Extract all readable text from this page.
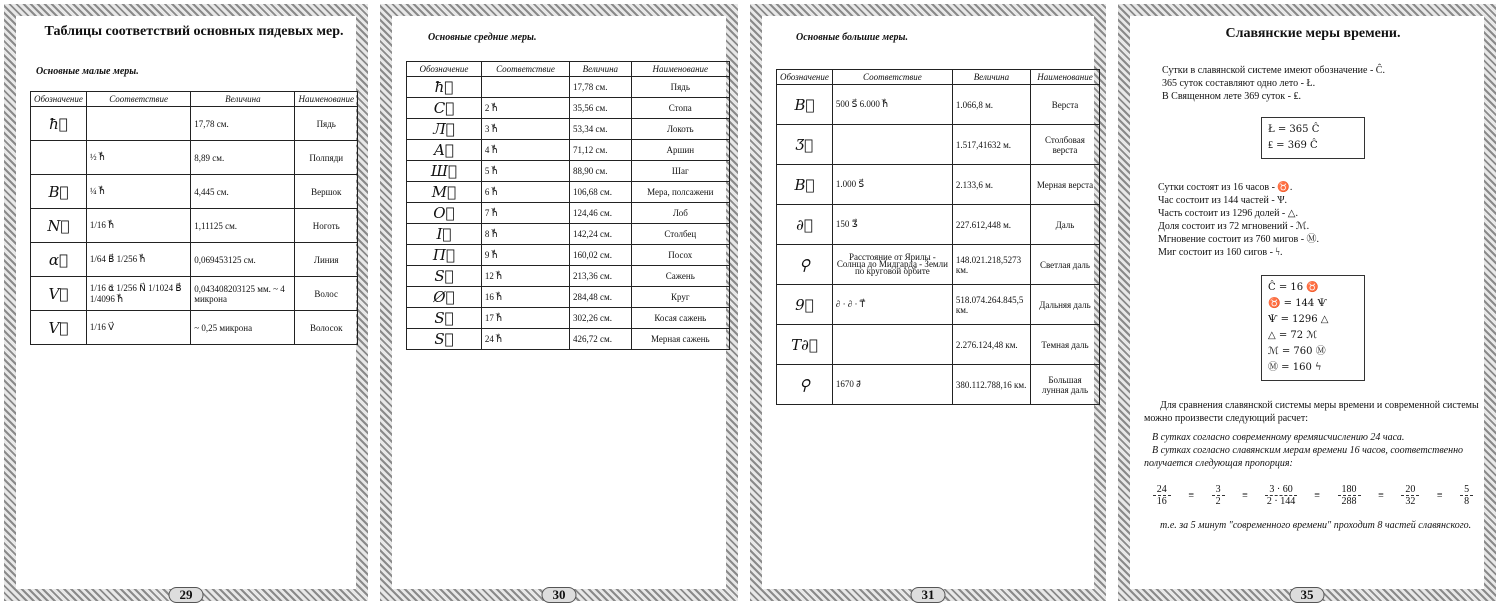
Таблицы соответствий основных пядевых мер.

Основные малые меры.

Обозначение	Соответствие	Величина	Наименование
ħ⃗		17,78 см.	Пядь
	½ ħ⃗	8,89 см.	Полпяди
B⃗	¼ ħ⃗	4,445 см.	Вершок
N⃗	1/16 ħ⃗	1,11125 см.	Ноготь
α⃗	1/64 B⃗ 1/256 ħ⃗	0,069453125 см.	Линия
V⃗	1/16 α⃗ 1/256 N⃗ 1/1024 B⃗ 1/4096 ħ⃗	0,043408203125 мм. ~ 4 микрона	Волос
V⃗	1/16 V⃗	~ 0,25 микрона	Волосок
29

Основные средние меры.

Обозначение	Соответствие	Величина	Наименование
ħ⃗		17,78 см.	Пядь
C⃗	2 ħ⃗	35,56 см.	Стопа
Л⃗	3 ħ⃗	53,34 см.	Локоть
A⃗	4 ħ⃗	71,12 см.	Аршин
Ш⃗	5 ħ⃗	88,90 см.	Шаг
M⃗	6 ħ⃗	106,68 см.	Мера, полсажени
O⃗	7 ħ⃗	124,46 см.	Лоб
I⃗	8 ħ⃗	142,24 см.	Столбец
П⃗	9 ħ⃗	160,02 см.	Посох
S⃗	12 ħ⃗	213,36 см.	Сажень
Ø⃗	16 ħ⃗	284,48 см.	Круг
S⃗	17 ħ⃗	302,26 см.	Косая сажень
S⃗	24 ħ⃗	426,72 см.	Мерная сажень
30

Основные большие меры.

Обозначение	Соответствие	Величина	Наименование
B⃗	500 S⃗ 6.000 ħ⃗	1.066,8 м.	Верста
Ʒ⃗		1.517,41632 м.	Столбовая верста
B⃗	1.000 S⃗	2.133,6 м.	Мерная верста
∂⃗	150 Ʒ⃗	227.612,448 м.	Даль
⚲	Расстояние от Ярилы - Солнца до Мидгарда - Земли по круговой орбите	148.021.218,5273 км.	Светлая даль
9⃗	∂ · ∂ · T⃗	518.074.264.845,5 км.	Дальняя даль
T∂⃗		2.276.124,48 км.	Темная даль
⚲	1670 ∂⃗	380.112.788,16 км.	Большая лунная даль
31
Славянские меры времени.

Сутки в славянской системе имеют обозначение - Ĉ.

365 суток составляют одно лето - Ł.

В Священном лете 369 суток - ₤.

Ł = 365 Ĉ
₤ = 369 Ĉ

Сутки состоят из 16 часов - ♉.

Час состоит из 144 частей - Ѱ.

Часть состоит из 1296 долей - △.

Доля состоит из 72 мгновений - ℳ.

Мгновение состоит из 760 мигов - Ⓜ.

Миг состоит из 160 сигов - ϟ.

Ĉ = 16 ♉
♉ = 144 Ѱ
Ѱ = 1296 △
△ = 72 ℳ
ℳ = 760 Ⓜ
Ⓜ = 160 ϟ

Для сравнения славянской системы меры времени и современной системы можно произвести следующий расчет:

В сутках согласно современному времяисчислению 24 часа.

В сутках согласно славянским мерам времени 16 часов, соответственно получается следующая пропорция:

$\frac{24}{16} \equiv \frac{3}{2} \equiv \frac{3 \cdot 60}{2 \cdot 144} \equiv \frac{180}{288} \equiv \frac{20}{32} \equiv \frac{5}{8}$

т.е. за 5 минут "современного времени" проходит 8 частей славянского.

35
